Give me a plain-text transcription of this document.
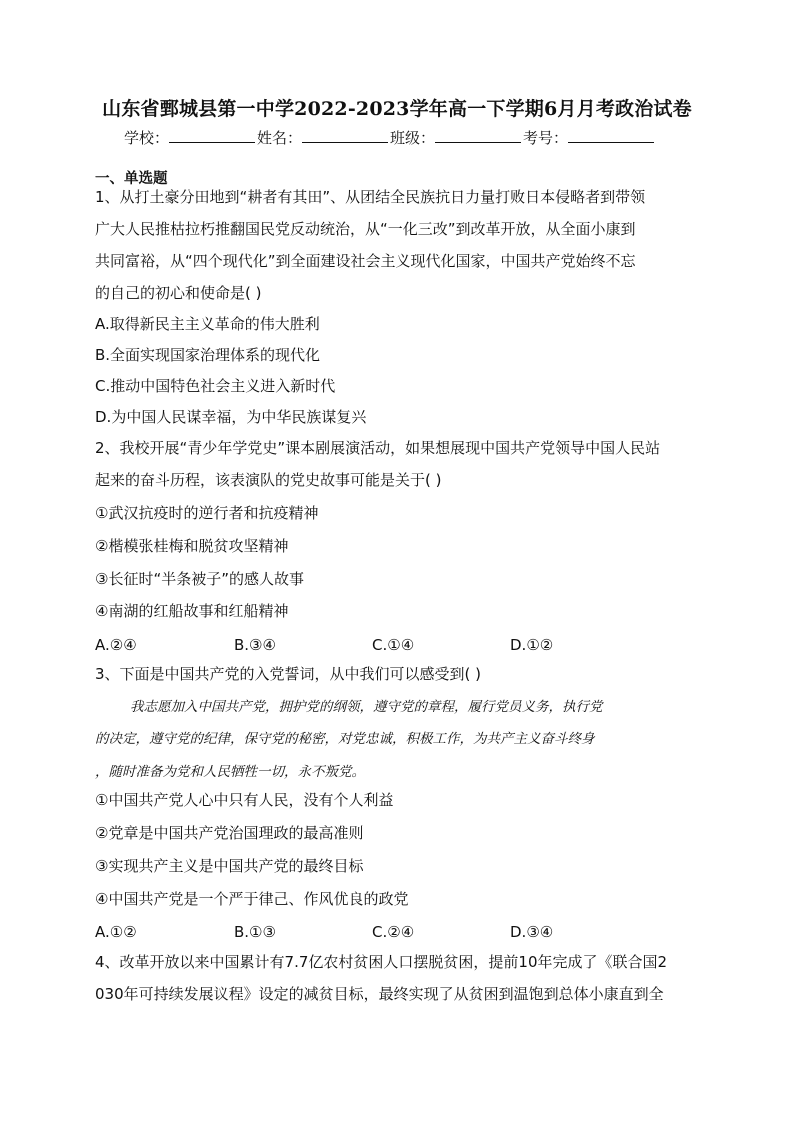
山东省鄄城县第一中学2022-2023学年高一下学期6月月考政治试卷
学校：	姓名：	班级：	考号：
一、单选题
1、从打土豪分田地到“耕者有其田”、从团结全民族抗日力量打败日本侵略者到带领
广大人民推枯拉朽推翻国民党反动统治，从“一化三改”到改革开放，从全面小康到
共同富裕，从“四个现代化”到全面建设社会主义现代化国家，中国共产党始终不忘
的自己的初心和使命是( )
A.取得新民主主义革命的伟大胜利
B.全面实现国家治理体系的现代化
C.推动中国特色社会主义进入新时代
D.为中国人民谋幸福，为中华民族谋复兴
2、我校开展“青少年学党史”课本剧展演活动，如果想展现中国共产党领导中国人民站
起来的奋斗历程，该表演队的党史故事可能是关于( )
①武汉抗疫时的逆行者和抗疫精神
②楷模张桂梅和脱贫攻坚精神
③长征时“半条被子”的感人故事
④南湖的红船故事和红船精神
A.②④	B.③④	C.①④	D.①②
3、下面是中国共产党的入党誓词，从中我们可以感受到( )
我志愿加入中国共产党，拥护党的纲领，遵守党的章程，履行党员义务，执行党
的决定，遵守党的纪律，保守党的秘密，对党忠诚，积极工作，为共产主义奋斗终身
，随时准备为党和人民牺牲一切，永不叛党。
①中国共产党人心中只有人民，没有个人利益
②党章是中国共产党治国理政的最高准则
③实现共产主义是中国共产党的最终目标
④中国共产党是一个严于律己、作风优良的政党
A.①②	B.①③	C.②④	D.③④
4、改革开放以来中国累计有7.7亿农村贫困人口摆脱贫困，提前10年完成了《联合国2
030年可持续发展议程》设定的减贫目标，最终实现了从贫困到温饱到总体小康直到全
